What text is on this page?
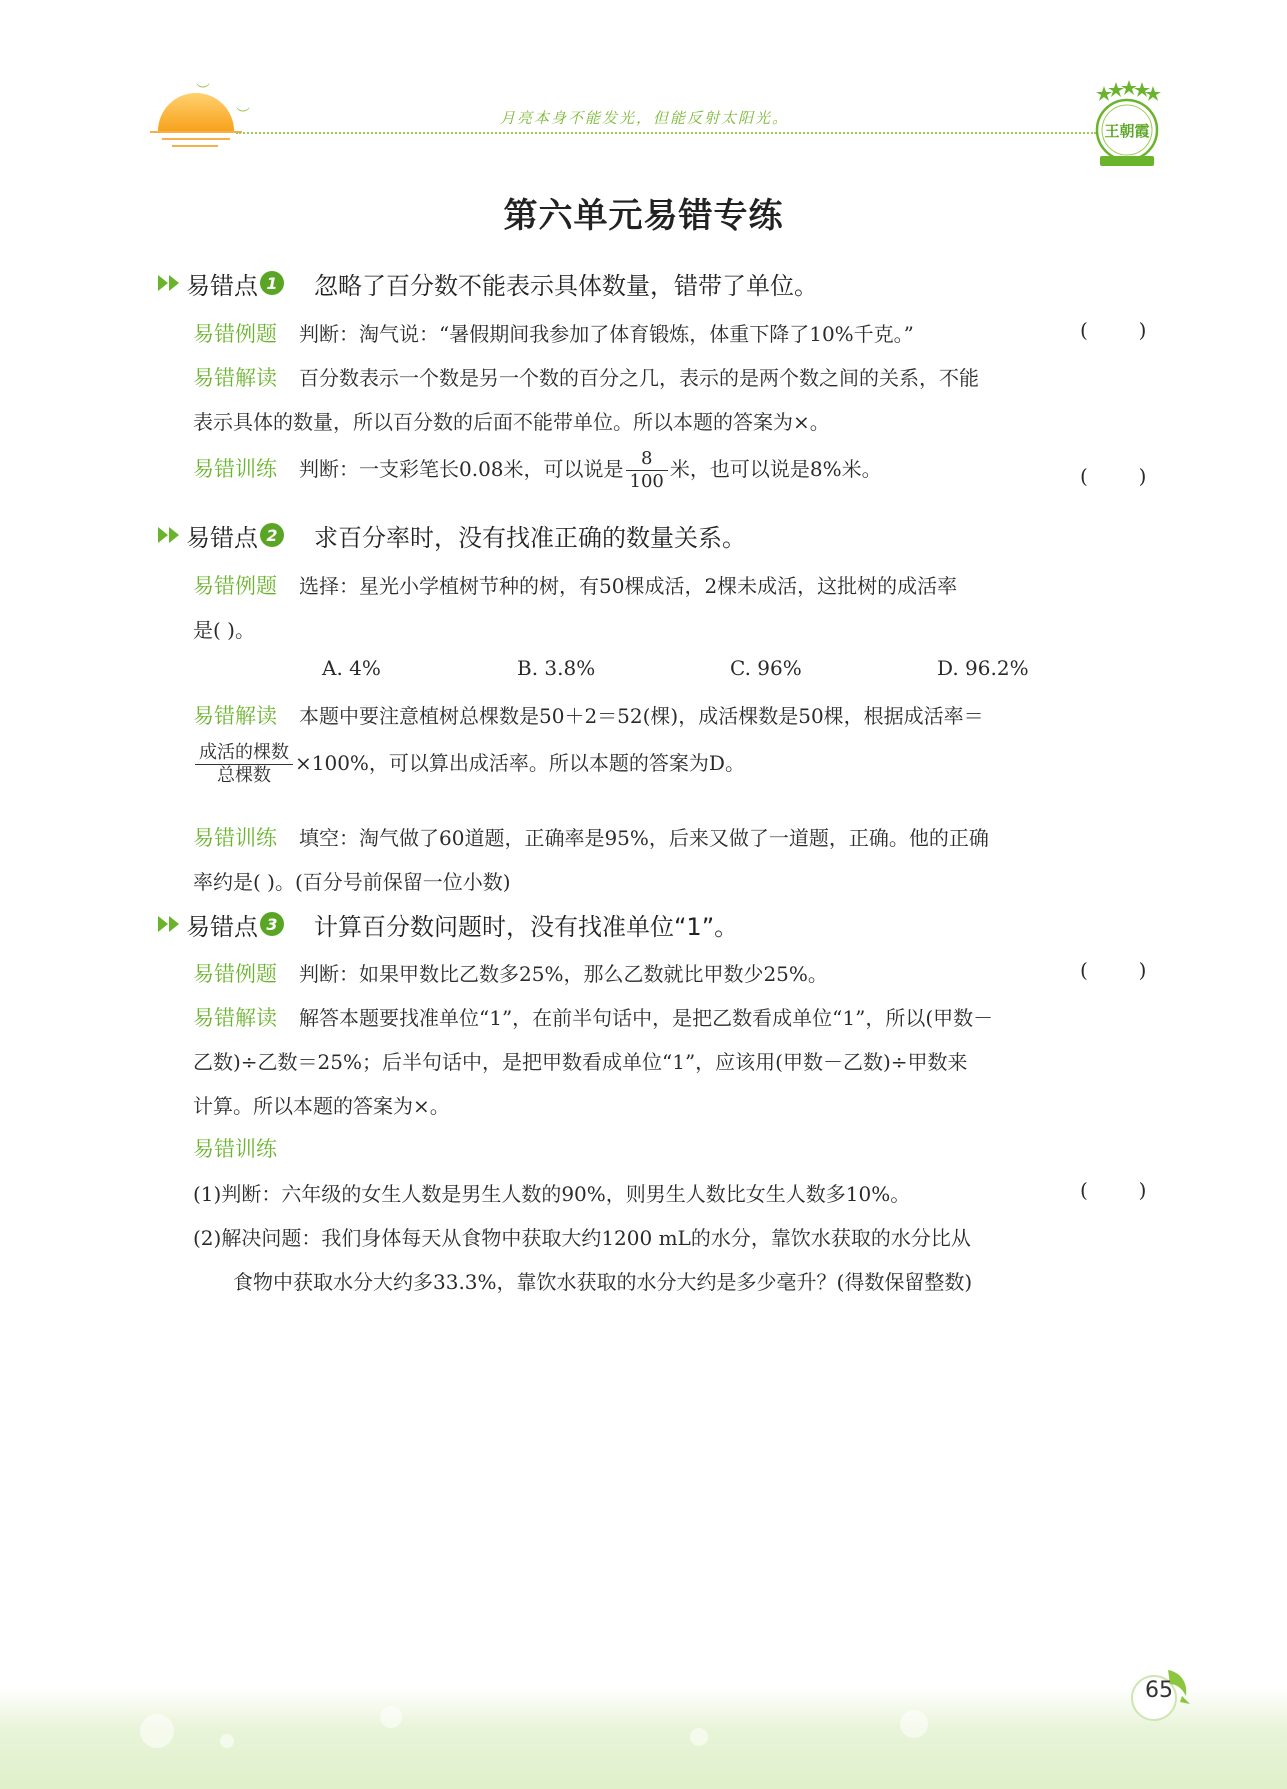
︶
︶	月亮本身不能发光，但能反射太阳光。
王朝霞
第六单元易错专练
易错点 1 忽略了百分数不能表示具体数量，错带了单位。
易错例题 判断：淘气说：“暑假期间我参加了体育锻炼，体重下降了10%千克。”	(        )
易错解读 百分数表示一个数是另一个数的百分之几，表示的是两个数之间的关系，不能
表示具体的数量，所以百分数的后面不能带单位。所以本题的答案为×。
易错训练 判断：一支彩笔长0.08米，可以说是 $\frac{8}{100}$ 米，也可以说是8%米。	(        )
易错点 2 求百分率时，没有找准正确的数量关系。
易错例题 选择：星光小学植树节种的树，有50棵成活，2棵未成活，这批树的成活率
是( )。
A. 4%	B. 3.8%	C. 96%	D. 96.2%
易错解读 本题中要注意植树总棵数是50＋2＝52(棵)，成活棵数是50棵，根据成活率＝
$\frac{\text{成活的棵数}}{\text{总棵数}} \times 100\%$，可以算出成活率。所以本题的答案为D。
易错训练 填空：淘气做了60道题，正确率是95%，后来又做了一道题，正确。他的正确
率约是( )。(百分号前保留一位小数)
易错点 3 计算百分数问题时，没有找准单位“1”。
易错例题 判断：如果甲数比乙数多25%，那么乙数就比甲数少25%。	(        )
易错解读 解答本题要找准单位“1”，在前半句话中，是把乙数看成单位“1”，所以(甲数－
乙数)÷乙数＝25%；后半句话中，是把甲数看成单位“1”，应该用(甲数－乙数)÷甲数来
计算。所以本题的答案为×。
易错训练
(1)判断：六年级的女生人数是男生人数的90%，则男生人数比女生人数多10%。	(        )
(2)解决问题：我们身体每天从食物中获取大约1200 mL的水分，靠饮水获取的水分比从
食物中获取水分大约多33.3%，靠饮水获取的水分大约是多少毫升？(得数保留整数)
65
